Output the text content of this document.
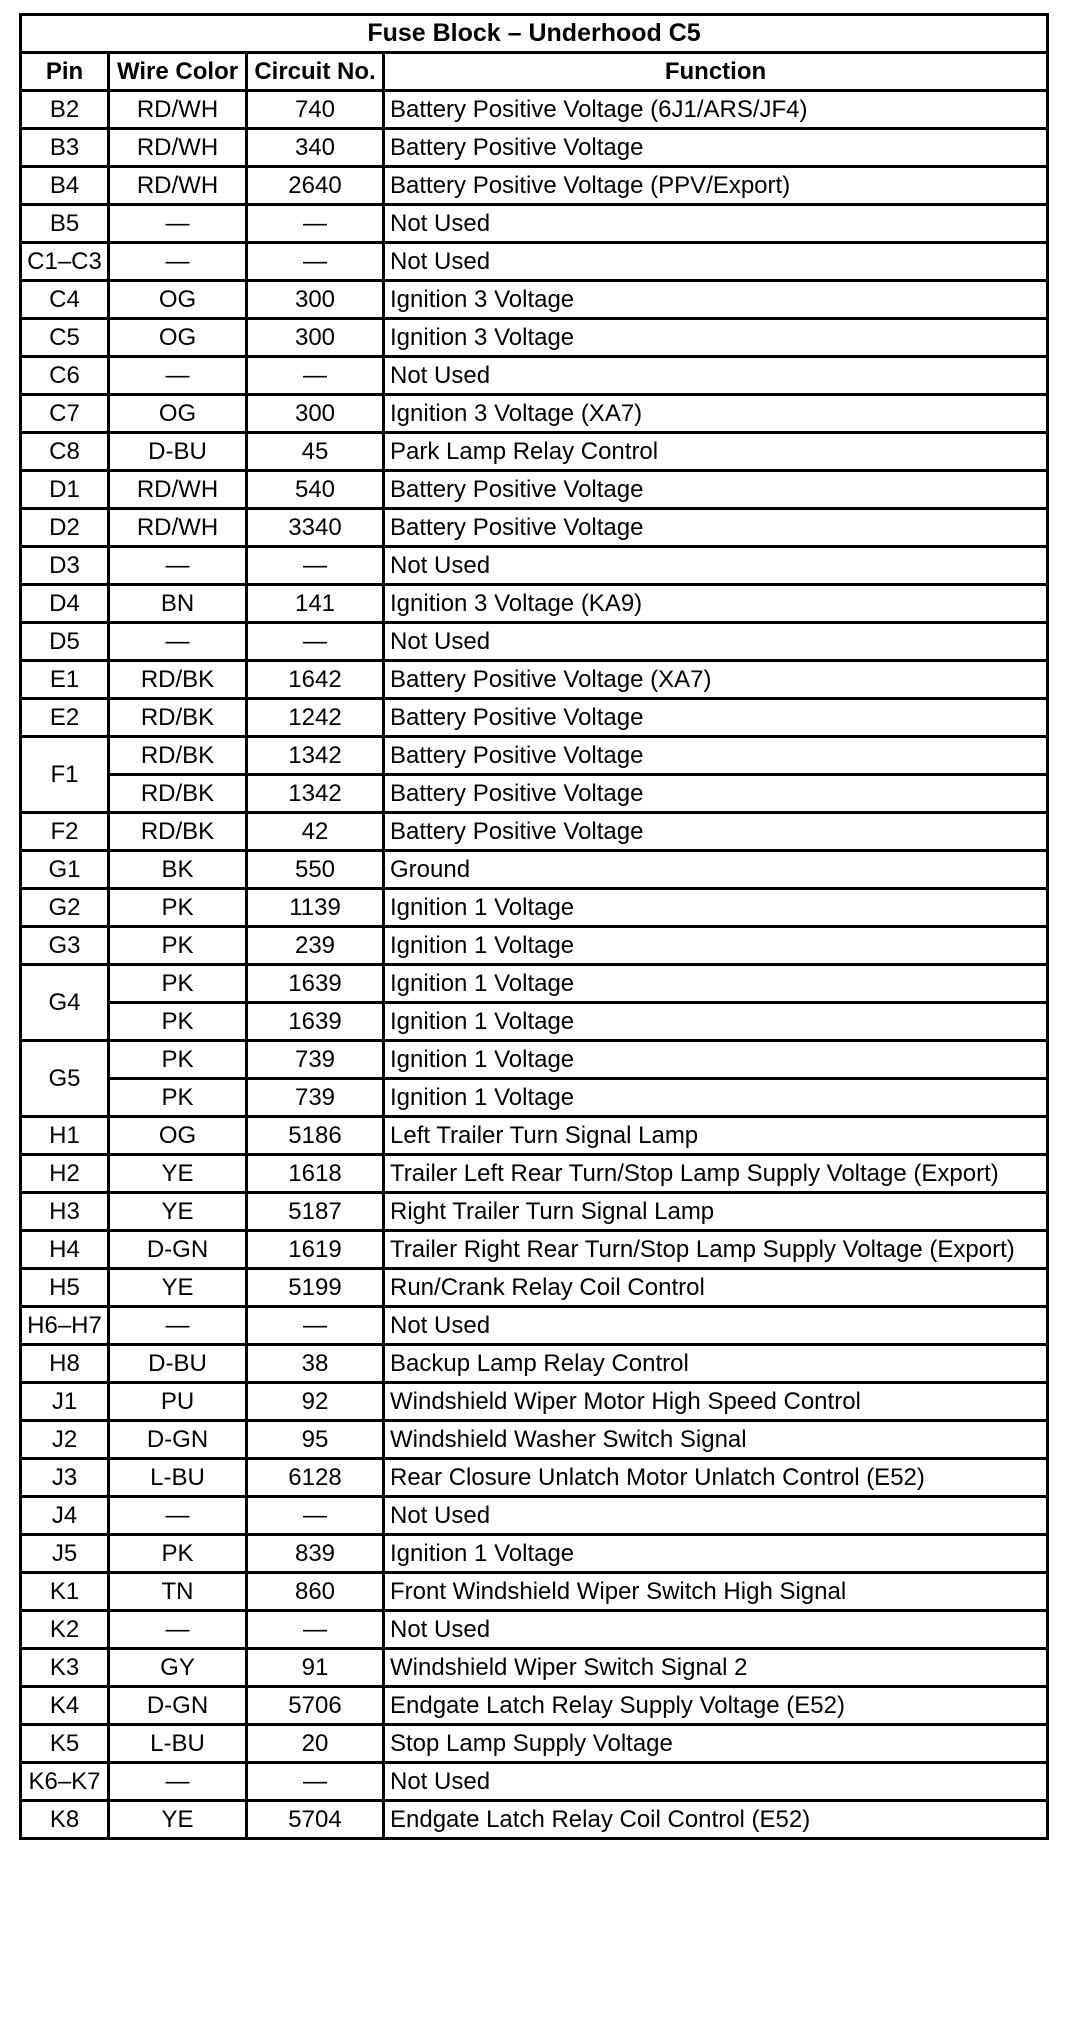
Fuse Block – Underhood C5			
Pin	Wire Color	Circuit No.	Function
B2	RD/WH	740	Battery Positive Voltage (6J1/ARS/JF4)
B3	RD/WH	340	Battery Positive Voltage
B4	RD/WH	2640	Battery Positive Voltage (PPV/Export)
B5	—	—	Not Used
C1–C3	—	—	Not Used
C4	OG	300	Ignition 3 Voltage
C5	OG	300	Ignition 3 Voltage
C6	—	—	Not Used
C7	OG	300	Ignition 3 Voltage (XA7)
C8	D-BU	45	Park Lamp Relay Control
D1	RD/WH	540	Battery Positive Voltage
D2	RD/WH	3340	Battery Positive Voltage
D3	—	—	Not Used
D4	BN	141	Ignition 3 Voltage (KA9)
D5	—	—	Not Used
E1	RD/BK	1642	Battery Positive Voltage (XA7)
E2	RD/BK	1242	Battery Positive Voltage
F1	RD/BK	1342	Battery Positive Voltage
	RD/BK	1342	Battery Positive Voltage
F2	RD/BK	42	Battery Positive Voltage
G1	BK	550	Ground
G2	PK	1139	Ignition 1 Voltage
G3	PK	239	Ignition 1 Voltage
G4	PK	1639	Ignition 1 Voltage
	PK	1639	Ignition 1 Voltage
G5	PK	739	Ignition 1 Voltage
	PK	739	Ignition 1 Voltage
H1	OG	5186	Left Trailer Turn Signal Lamp
H2	YE	1618	Trailer Left Rear Turn/Stop Lamp Supply Voltage (Export)
H3	YE	5187	Right Trailer Turn Signal Lamp
H4	D-GN	1619	Trailer Right Rear Turn/Stop Lamp Supply Voltage (Export)
H5	YE	5199	Run/Crank Relay Coil Control
H6–H7	—	—	Not Used
H8	D-BU	38	Backup Lamp Relay Control
J1	PU	92	Windshield Wiper Motor High Speed Control
J2	D-GN	95	Windshield Washer Switch Signal
J3	L-BU	6128	Rear Closure Unlatch Motor Unlatch Control (E52)
J4	—	—	Not Used
J5	PK	839	Ignition 1 Voltage
K1	TN	860	Front Windshield Wiper Switch High Signal
K2	—	—	Not Used
K3	GY	91	Windshield Wiper Switch Signal 2
K4	D-GN	5706	Endgate Latch Relay Supply Voltage (E52)
K5	L-BU	20	Stop Lamp Supply Voltage
K6–K7	—	—	Not Used
K8	YE	5704	Endgate Latch Relay Coil Control (E52)
